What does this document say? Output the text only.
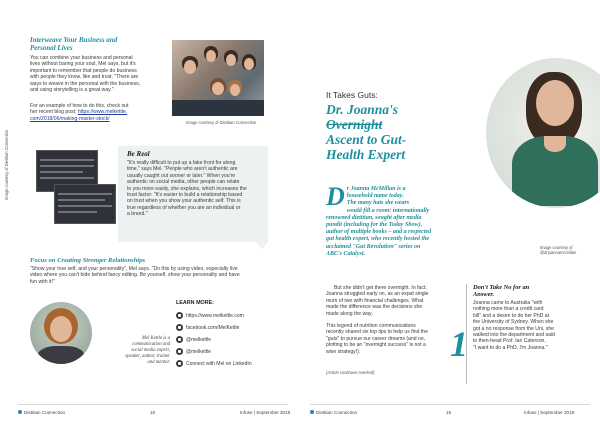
Interweave Your Business and
Personal Lives
You can combine your business and personal
lives without baring your soul, Mel says, but it's
important to remember that people do business
with people they know, like and trust. "There are
ways to weave in the personal with the business,
and using storytelling is a great way."
For an example of how to do this, check out
her recent blog post: https://www.melkettle.
com/2018/06/making-master-stock/
Image courtesy of Dietitian Connection
Image courtesy of Dietitian Connection	Be Real
"It's really difficult to put up a fake front for along
time," says Mel. "People who aren't authentic are
usually caught out sooner or later." When you're
authentic on social media, other people can relate
to you more easily, she explains, which increases the
trust factor: "It's easier to build a relationship based
on trust when you show your authentic self. This is
true regardless of whether you are an individual or
a brand."
Focus on Creating Stronger Relationships
"Show your true self, and your personality", Mel says. "Do this by using video, especially live
video where you can't hide behind fancy editing. Be yourself, show your personality and have
fun with it!"
Mel Kettle is a
communication and
social media expert,
speaker, author, trainer
and mentor.
LEARN MORE:
https://www.melkettle.com
facebook.com/MelKettle
@melkettle
@melkettle
Connect with Mel on LinkedIn
Dietitian Connection	18	Infuse | September 2018
It Takes Guts:
Dr. Joanna's
Overnight
Ascent to Gut-
Health Expert
Image courtesy of
@drjoannamcmillan
D r Joanna McMillan is a
household name today.
The many hats she wears
would fill a room: internationally
renowned dietitian, sought after media
pundit (including for the Today Show),
author of multiple books – and a respected
gut health expert, who recently hosted the
acclaimed "Gut Revolution" series on
ABC's Catalyst.
But she didn't get there overnight. In fact,
Joanna struggled early on, as an expat single
mum of two with financial challenges. What
made the difference was the decisions she
made along the way.
This legend of nutrition communications
recently shared six top tips to help us find the
"guts" to pursue our career dreams (and no,
plotting to be an "overnight success" is not a
wise strategy!).
(Article continues overleaf)
1
Don't Take No for an
Answer.
Joanna came to Australia "with
nothing more than a credit card
bill" and a desire to do her PhD at
the University of Sydney. When she
got a no response from the Uni, she
walked into the department and said
to then-head Prof. Ian Caterson,
"I want to do a PhD. I'm Joanna."
Dietitian Connection	19	Infuse | September 2018
